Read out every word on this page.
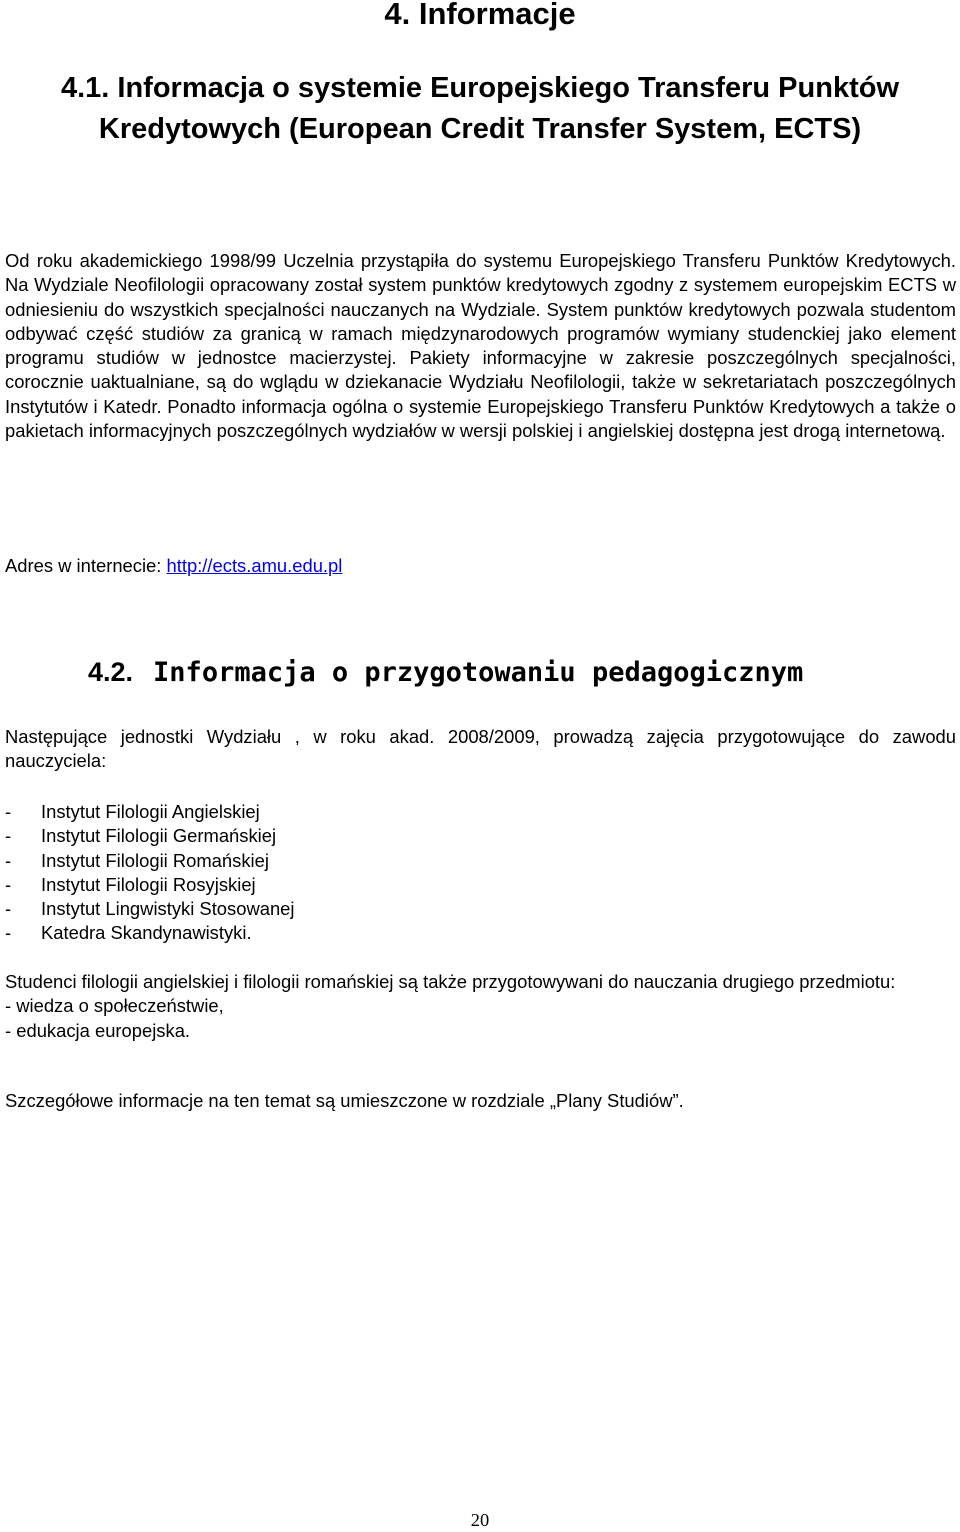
4. Informacje
4.1. Informacja o systemie Europejskiego Transferu Punktów Kredytowych (European Credit Transfer System, ECTS)

Od roku akademickiego 1998/99 Uczelnia przystąpiła do systemu Europejskiego Transferu Punktów Kredytowych. Na Wydziale Neofilologii opracowany został system punktów kredytowych zgodny z systemem europejskim ECTS w odniesieniu do wszystkich specjalności nauczanych na Wydziale. System punktów kredytowych pozwala studentom odbywać część studiów za granicą w ramach międzynarodowych programów wymiany studenckiej jako element programu studiów w jednostce macierzystej. Pakiety informacyjne w zakresie poszczególnych specjalności, corocznie uaktualniane, są do wglądu w dziekanacie Wydziału Neofilologii, także w sekretariatach poszczególnych Instytutów i Katedr. Ponadto informacja ogólna o systemie Europejskiego Transferu Punktów Kredytowych a także o pakietach informacyjnych poszczególnych wydziałów w wersji polskiej i angielskiej dostępna jest drogą internetową.

Adres w internecie: http://ects.amu.edu.pl

4.2. Informacja o przygotowaniu pedagogicznym

Następujące jednostki Wydziału , w roku akad. 2008/2009, prowadzą zajęcia przygotowujące do zawodu nauczyciela:

- Instytut Filologii Angielskiej
- Instytut Filologii Germańskiej
- Instytut Filologii Romańskiej
- Instytut Filologii Rosyjskiej
- Instytut Lingwistyki Stosowanej
- Katedra Skandynawistyki.

Studenci filologii angielskiej i filologii romańskiej są także przygotowywani do nauczania drugiego przedmiotu:
- wiedza o społeczeństwie,
- edukacja europejska.

Szczegółowe informacje na ten temat są umieszczone w rozdziale „Plany Studiów”.

20
